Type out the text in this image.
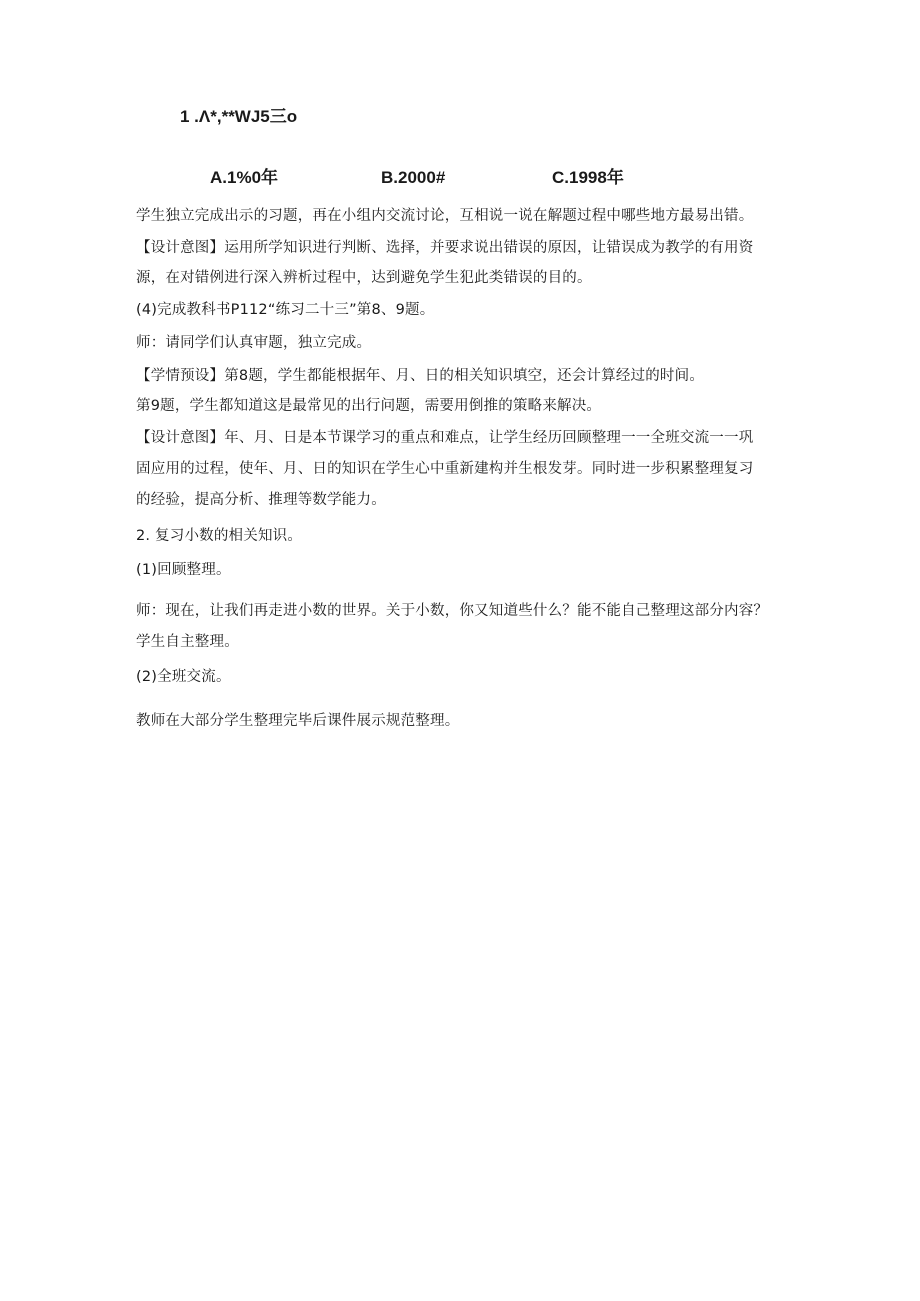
1 .Λ*,**WJ5三o
A.1%0年	B.2000#	C.1998年
学生独立完成出示的习题，再在小组内交流讨论，互相说一说在解题过程中哪些地方最易出错。
【设计意图】运用所学知识进行判断、选择，并要求说出错误的原因，让错误成为教学的有用资
源，在对错例进行深入辨析过程中，达到避免学生犯此类错误的目的。
(4)完成教科书P112“练习二十三”第8、9题。
师：请同学们认真审题，独立完成。
【学情预设】第8题，学生都能根据年、月、日的相关知识填空，还会计算经过的时间。
第9题，学生都知道这是最常见的出行问题，需要用倒推的策略来解决。
【设计意图】年、月、日是本节课学习的重点和难点，让学生经历回顾整理一一全班交流一一巩
固应用的过程，使年、月、日的知识在学生心中重新建构并生根发芽。同时进一步积累整理复习
的经验，提高分析、推理等数学能力。
2. 复习小数的相关知识。
(1)回顾整理。
师：现在，让我们再走进小数的世界。关于小数，你又知道些什么？能不能自己整理这部分内容？
学生自主整理。
(2)全班交流。
教师在大部分学生整理完毕后课件展示规范整理。
